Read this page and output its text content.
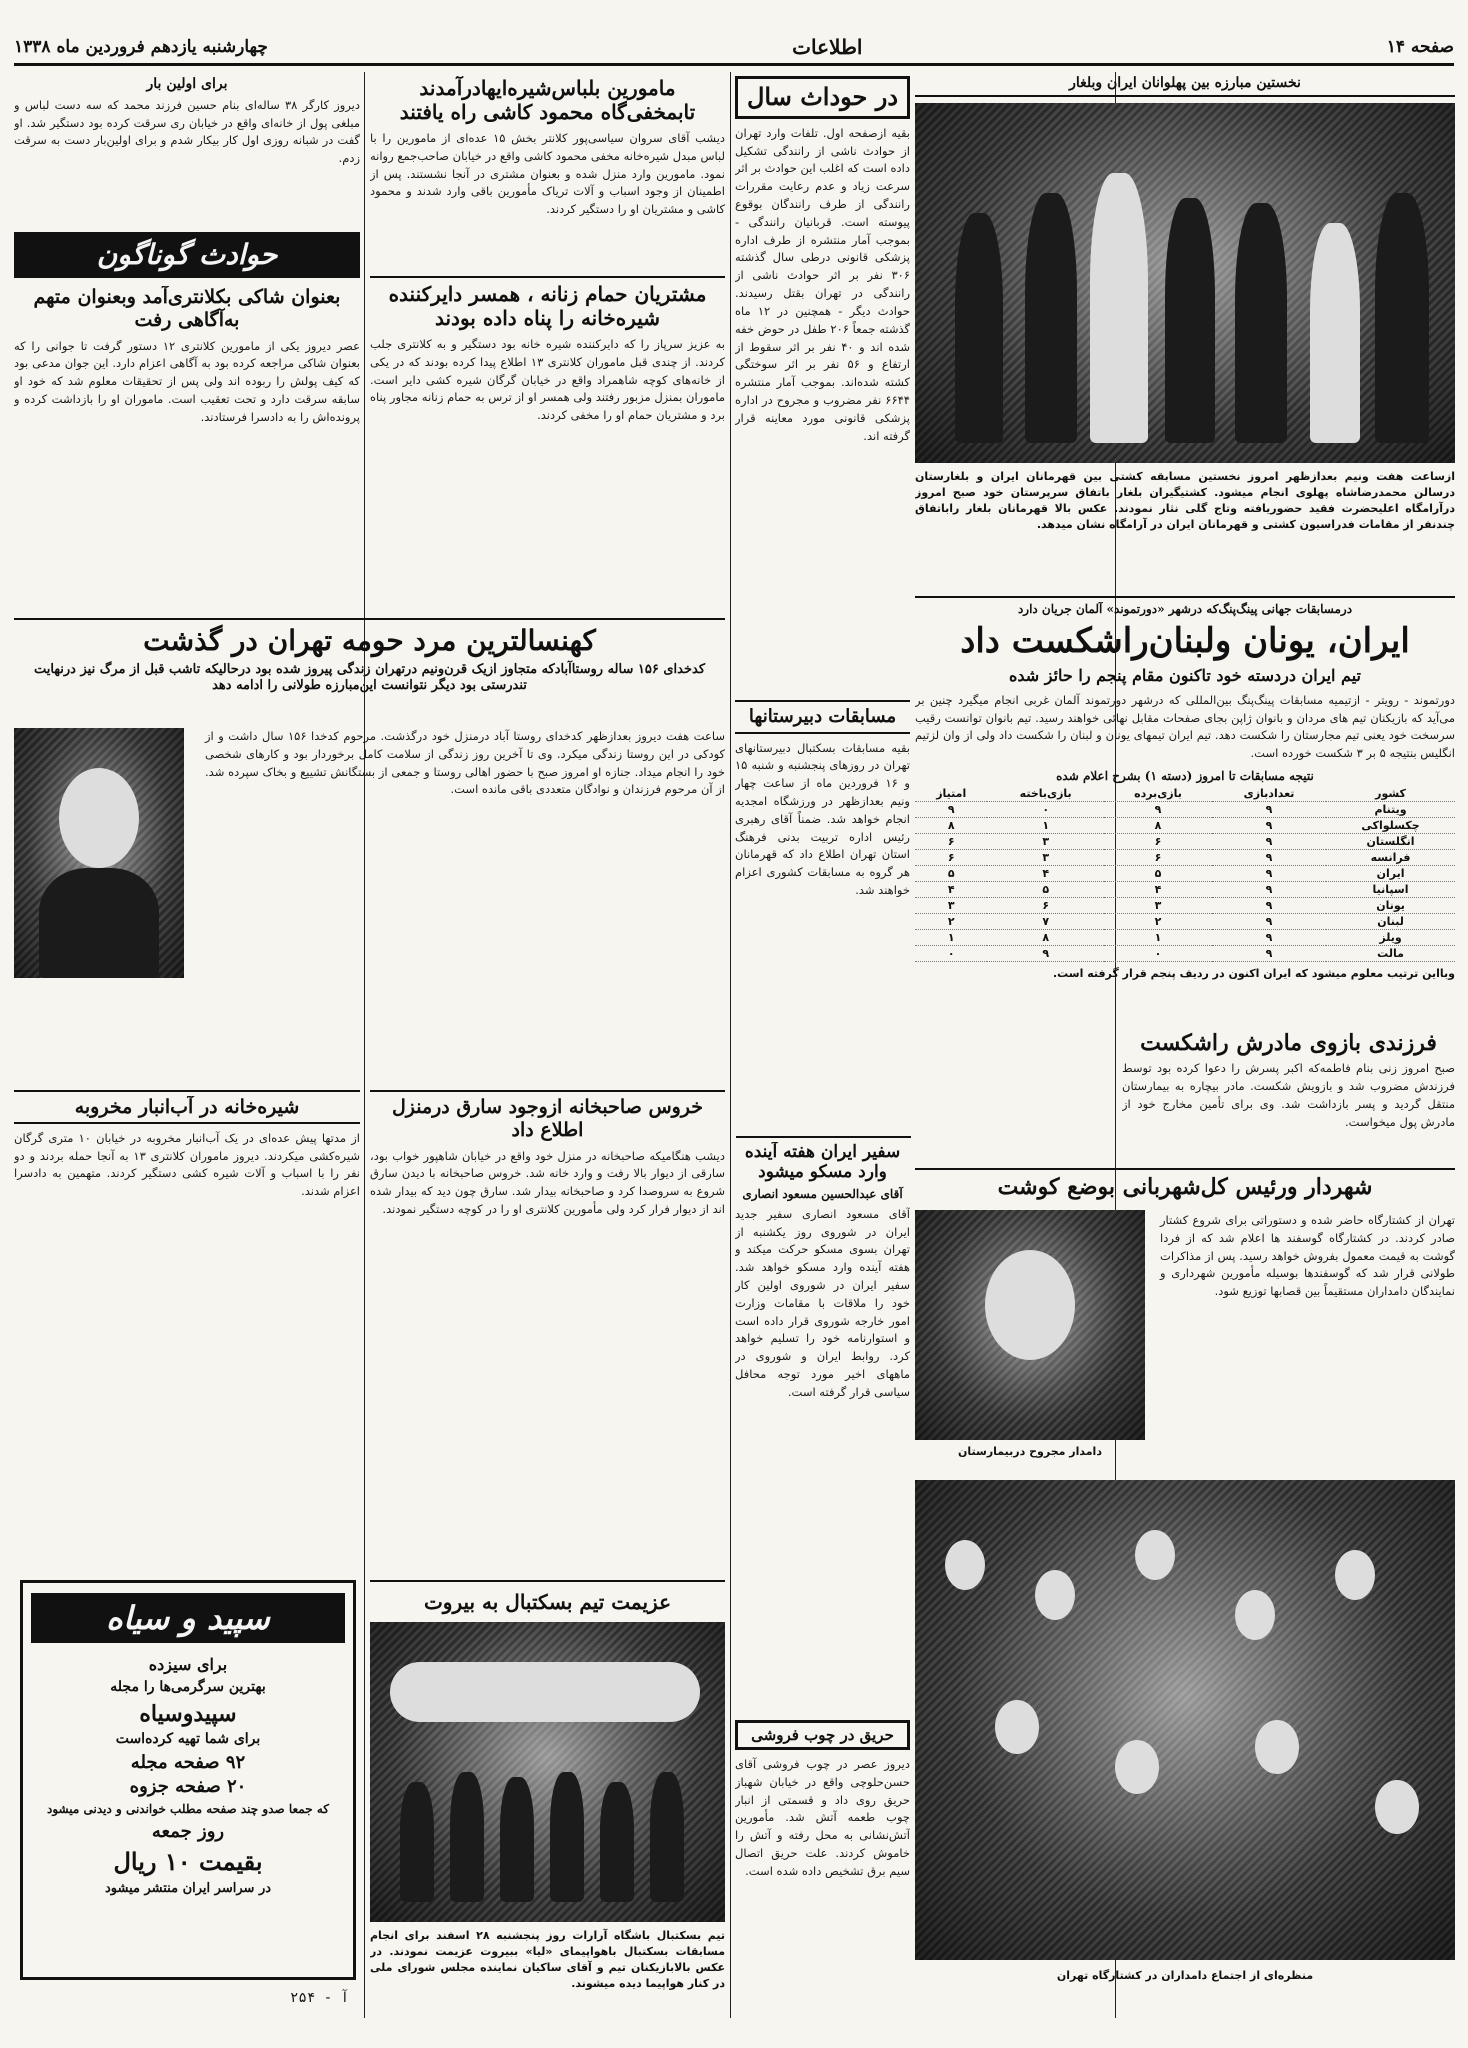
صفحه ۱۴
اطلاعات
چهارشنبه یازدهم فروردین ماه ۱۳۳۸
نخستین مبارزه بین پهلوانان ایران وبلغار
ازساعت هفت ونیم بعدازظهر امروز نخستین مسابقه کشتی بین قهرمانان ایران و بلغارستان درسالن محمدرضاشاه پهلوی انجام میشود. کشتیگیران بلغار باتفاق سرپرستان خود صبح امروز درآرامگاه اعلیحضرت فقید حضوریافته وتاج گلی نثار نمودند. عکس بالا قهرمانان بلغار راباتفاق چندنفر از مقامات فدراسیون کشتی و قهرمانان ایران در آرامگاه نشان میدهد.
درمسابقات جهانی پینگ‌پنگ‌که درشهر «دورتموند» آلمان جریان دارد
ایران، یونان ولبنان‌راشکست داد
تیم ایران دردسته خود تاکنون مقام پنجم را حائز شده
دورتموند - رویتر - ازتیمیه مسابقات پینگ‌پنگ بین‌المللی که درشهر دورتموند آلمان غربی انجام میگیرد چنین بر می‌آید که بازیکنان تیم های مردان و بانوان ژاپن بجای صفحات مقابل نهائی خواهند رسید. تیم بانوان توانست رقیب سرسخت خود یعنی تیم مجارستان را شکست دهد. تیم ایران تیمهای یونان و لبنان را شکست داد ولی از وان لزتیم انگلیس بنتیجه ۵ بر ۳ شکست خورده است.
نتیجه مسابقات تا امروز (دسته ۱) بشرح اعلام شده
کشور	تعدادبازی	بازی‌برده	بازی‌باخته	امتیاز
ویتنام	۹	۹	۰	۹
چکسلواکی	۹	۸	۱	۸
انگلستان	۹	۶	۳	۶
فرانسه	۹	۶	۳	۶
ایران	۹	۵	۴	۵
اسپانیا	۹	۴	۵	۴
یونان	۹	۳	۶	۳
لبنان	۹	۲	۷	۲
ویلز	۹	۱	۸	۱
مالت	۹	۰	۹	۰
وبااین ترتیب معلوم میشود که ایران اکنون در ردیف پنجم قرار گرفته است.
فرزندی بازوی مادرش راشکست
صبح امروز زنی بنام فاطمه‌که اکبر پسرش را دعوا کرده بود توسط فرزندش مضروب شد و بازویش شکست. مادر بیچاره به بیمارستان منتقل گردید و پسر بازداشت شد. وی برای تأمین مخارج خود از مادرش پول میخواست.
شهردار ورئیس کل‌شهربانی بوضع کوشت
تهران از کشتارگاه حاضر شده و دستوراتی برای شروع کشتار صادر کردند. در کشتارگاه گوسفند ها اعلام شد که از فردا گوشت به قیمت معمول بفروش خواهد رسید. پس از مذاکرات طولانی قرار شد که گوسفندها بوسیله مأمورین شهرداری و نمایندگان دامداران مستقیماً بین قصابها توزیع شود.
دامدار مجروح دربیمارستان
منظره‌ای از اجتماع دامداران در کشتارگاه تهران
در حوداث سال
بقیه ازصفحه اول. تلفات وارد تهران از حوادث ناشی از رانندگی تشکیل داده است که اغلب این حوادث بر اثر سرعت زیاد و عدم رعایت مقررات رانندگی از طرف رانندگان بوقوع پیوسته است. قربانیان رانندگی - بموجب آمار منتشره از طرف اداره پزشکی قانونی درطی سال گذشته ۳۰۶ نفر بر اثر حوادث ناشی از رانندگی در تهران بقتل رسیدند. حوادث دیگر - همچنین در ۱۲ ماه گذشته جمعاً ۲۰۶ طفل در حوض خفه شده اند و ۴۰ نفر بر اثر سقوط از ارتفاع و ۵۶ نفر بر اثر سوختگی کشته شده‌اند. بموجب آمار منتشره ۶۶۴۴ نفر مضروب و مجروح در اداره پزشکی قانونی مورد معاینه قرار گرفته اند.
مسابقات دبیرستانها
بقیه مسابقات بسکتبال دبیرستانهای تهران در روزهای پنجشنبه و شنبه ۱۵ و ۱۶ فروردین ماه از ساعت چهار ونیم بعدازظهر در ورزشگاه امجدیه انجام خواهد شد. ضمناً آقای رهبری رئیس اداره تربیت بدنی فرهنگ استان تهران اطلاع داد که قهرمانان هر گروه به مسابقات کشوری اعزام خواهند شد.
سفیر ایران هفته آینده وارد مسکو میشود
آقای عبدالحسین مسعود انصاری
آقای مسعود انصاری سفیر جدید ایران در شوروی روز یکشنبه از تهران بسوی مسکو حرکت میکند و هفته آینده وارد مسکو خواهد شد. سفیر ایران در شوروی اولین کار خود را ملاقات با مقامات وزارت امور خارجه شوروی قرار داده است و استوارنامه خود را تسلیم خواهد کرد. روابط ایران و شوروی در ماههای اخیر مورد توجه محافل سیاسی قرار گرفته است.
حریق در چوب فروشی
دیروز عصر در چوب فروشی آقای حسن‌حلوچی واقع در خیابان شهباز حریق روی داد و قسمتی از انبار چوب طعمه آتش شد. مأمورین آتش‌نشانی به محل رفته و آتش را خاموش کردند. علت حریق اتصال سیم برق تشخیص داده شده است.
مامورین بلباس‌شیره‌ایهادرآمدند تابمخفی‌گاه محمود کاشی راه یافتند
دیشب آقای سروان سیاسی‌پور کلانتر بخش ۱۵ عده‌ای از مامورین را با لباس مبدل شیره‌خانه مخفی محمود کاشی واقع در خیابان صاحب‌جمع روانه نمود. مامورین وارد منزل شده و بعنوان مشتری در آنجا نشستند. پس از اطمینان از وجود اسباب و آلات تریاک مأمورین باقی وارد شدند و محمود کاشی و مشتریان او را دستگیر کردند.
مشتریان حمام زنانه ، همسر دایرکننده شیره‌خانه را پناه داده بودند
به عزیز سرپاز را که دایرکننده شیره خانه بود دستگیر و به کلانتری جلب کردند. از چندی قبل ماموران کلانتری ۱۳ اطلاع پیدا کرده بودند که در یکی از خانه‌های کوچه شاهمراد واقع در خیابان گرگان شیره کشی دایر است. ماموران بمنزل مزبور رفتند ولی همسر او از ترس به حمام زنانه مجاور پناه برد و مشتریان حمام او را مخفی کردند.
کهنسالترین مرد حومه تهران در گذشت
کدخدای ۱۵۶ ساله روستاآبادکه متجاوز ازیک قرن‌ونیم درتهران زندگی پیروز شده بود درحالیکه تاشب قبل از مرگ نیز درنهایت تندرستی بود دیگر نتوانست این‌مبارزه طولانی را ادامه دهد
ساعت هفت دیروز بعدازظهر کدخدای روستا آباد درمنزل خود درگذشت. مرحوم کدخدا ۱۵۶ سال داشت و از کودکی در این روستا زندگی میکرد. وی تا آخرین روز زندگی از سلامت کامل برخوردار بود و کارهای شخصی خود را انجام میداد. جنازه او امروز صبح با حضور اهالی روستا و جمعی از بستگانش تشییع و بخاک سپرده شد. از آن مرحوم فرزندان و نوادگان متعددی باقی مانده است.
خروس صاحبخانه ازوجود سارق درمنزل اطلاع داد
دیشب هنگامیکه صاحبخانه در منزل خود واقع در خیابان شاهپور خواب بود، سارقی از دیوار بالا رفت و وارد خانه شد. خروس صاحبخانه با دیدن سارق شروع به سروصدا کرد و صاحبخانه بیدار شد. سارق چون دید که بیدار شده اند از دیوار فرار کرد ولی مأمورین کلانتری او را در کوچه دستگیر نمودند.
عزیمت تیم بسکتبال به بیروت
تیم بسکتبال باشگاه آرارات روز پنجشنبه ۲۸ اسفند برای انجام مسابقات بسکتبال باهواپیمای «لیا» ببیروت عزیمت نمودند. در عکس بالابازیکنان تیم و آقای ساکیان نماینده مجلس شورای ملی در کنار هواپیما دیده میشوند.
برای اولین بار
دیروز کارگر ۳۸ ساله‌ای بنام حسین فرزند محمد که سه دست لباس و مبلغی پول از خانه‌ای واقع در خیابان ری سرقت کرده بود دستگیر شد. او گفت در شبانه روزی اول کار بیکار شدم و برای اولین‌بار دست به سرقت زدم.
حوادث گوناگون
بعنوان شاکی بکلانتری‌آمد وبعنوان متهم به‌آگاهی رفت
عصر دیروز یکی از مامورین کلانتری ۱۲ دستور گرفت تا جوانی را که بعنوان شاکی مراجعه کرده بود به آگاهی اعزام دارد. این جوان مدعی بود که کیف پولش را ربوده اند ولی پس از تحقیقات معلوم شد که خود او سابقه سرقت دارد و تحت تعقیب است. ماموران او را بازداشت کرده و پرونده‌اش را به دادسرا فرستادند.
شیره‌خانه در آب‌انبار مخروبه
از مدتها پیش عده‌ای در یک آب‌انبار مخروبه در خیابان ۱۰ متری گرگان شیره‌کشی میکردند. دیروز ماموران کلانتری ۱۳ به آنجا حمله بردند و دو نفر را با اسباب و آلات شیره کشی دستگیر کردند. متهمین به دادسرا اعزام شدند.
سپید و سیاه
برای سیزده
بهترین سرگرمی‌ها را مجله
سپیدوسیاه
برای شما تهیه کرده‌است
۹۲ صفحه مجله
۲۰ صفحه جزوه
که جمعا صدو چند صفحه مطلب خواندنی و دیدنی میشود
روز جمعه
بقیمت ۱۰ ریال
در سراسر ایران منتشر میشود
آ - ۲۵۴
